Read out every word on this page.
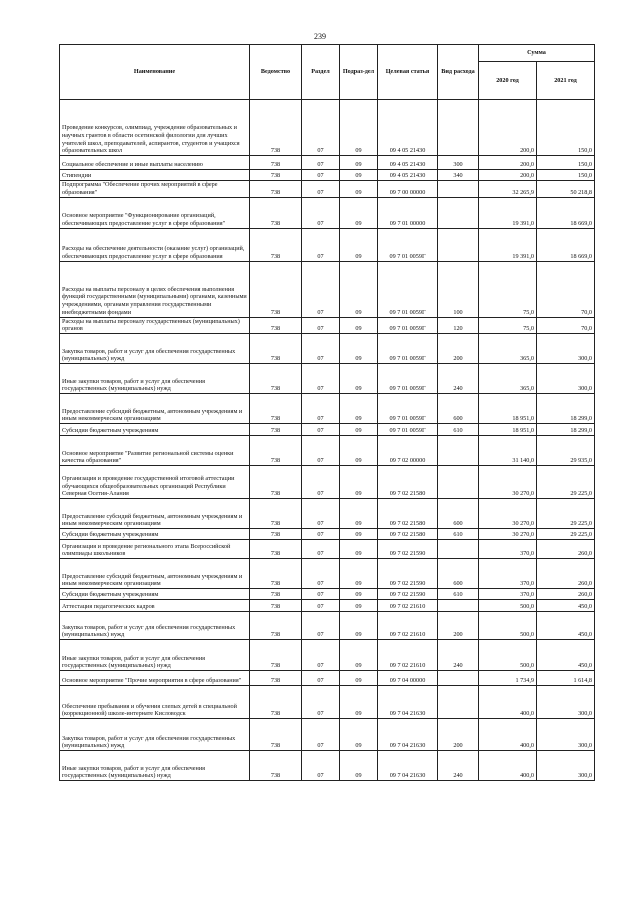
239
Наименование	Ведомство	Раздел	Подраз-дел	Целевая статья	Вид расхода	Сумма	
						2020 год	2021 год
Проведение конкурсов, олимпиад, учреждение образовательных и научных грантов в области осетинской филологии для лучших учителей школ, преподавателей, аспирантов, студентов и учащихся образовательных школ	738	07	09	09 4 05 21430		200,0	150,0
Социальное обеспечение и иные выплаты населению	738	07	09	09 4 05 21430	300	200,0	150,0
Стипендии	738	07	09	09 4 05 21430	340	200,0	150,0
Подпрограмма "Обеспечение прочих мероприятий в сфере образования"	738	07	09	09 7 00 00000		32 265,9	50 218,8
Основное мероприятие "Функционирование организаций, обеспечивающих предоставление услуг в сфере образования"	738	07	09	09 7 01 00000		19 391,0	18 669,0
Расходы на обеспечение деятельности (оказание услуг) организаций, обеспечивающих предоставление услуг в сфере образования	738	07	09	09 7 01 0059Г		19 391,0	18 669,0
Расходы на выплаты персоналу в целях обеспечения выполнения функций государственными (муниципальными) органами, казенными учреждениями, органами управления государственными внебюджетными фондами	738	07	09	09 7 01 0059Г	100	75,0	70,0
Расходы на выплаты персоналу государственных (муниципальных) органов	738	07	09	09 7 01 0059Г	120	75,0	70,0
Закупка товаров, работ и услуг для обеспечения государственных (муниципальных) нужд	738	07	09	09 7 01 0059Г	200	365,0	300,0
Иные закупки товаров, работ и услуг для обеспечения государственных (муниципальных) нужд	738	07	09	09 7 01 0059Г	240	365,0	300,0
Предоставление субсидий бюджетным, автономным учреждениям и иным некоммерческим организациям	738	07	09	09 7 01 0059Г	600	18 951,0	18 299,0
Субсидии бюджетным учреждениям	738	07	09	09 7 01 0059Г	610	18 951,0	18 299,0
Основное мероприятие "Развитие региональной системы оценки качества образования"	738	07	09	09 7 02 00000		31 140,0	29 935,0
Организация и проведение государственной итоговой аттестации обучающихся общеобразовательных организаций Республики Северная Осетия-Алания	738	07	09	09 7 02 21580		30 270,0	29 225,0
Предоставление субсидий бюджетным, автономным учреждениям и иным некоммерческим организациям	738	07	09	09 7 02 21580	600	30 270,0	29 225,0
Субсидии бюджетным учреждениям	738	07	09	09 7 02 21580	610	30 270,0	29 225,0
Организация и проведение регионального этапа Всероссийской олимпиады школьников	738	07	09	09 7 02 21590		370,0	260,0
Предоставление субсидий бюджетным, автономным учреждениям и иным некоммерческим организациям	738	07	09	09 7 02 21590	600	370,0	260,0
Субсидии бюджетным учреждениям	738	07	09	09 7 02 21590	610	370,0	260,0
Аттестация педагогических кадров	738	07	09	09 7 02 21610		500,0	450,0
Закупка товаров, работ и услуг для обеспечения государственных (муниципальных) нужд	738	07	09	09 7 02 21610	200	500,0	450,0
Иные закупки товаров, работ и услуг для обеспечения государственных (муниципальных) нужд	738	07	09	09 7 02 21610	240	500,0	450,0
Основное мероприятие "Прочие мероприятия в сфере образования"	738	07	09	09 7 04 00000		1 734,9	1 614,8
Обеспечение пребывания и обучения слепых детей в специальной (коррекционной) школе-интернате Кисловодск	738	07	09	09 7 04 21630		400,0	300,0
Закупка товаров, работ и услуг для обеспечения государственных (муниципальных) нужд	738	07	09	09 7 04 21630	200	400,0	300,0
Иные закупки товаров, работ и услуг для обеспечения государственных (муниципальных) нужд	738	07	09	09 7 04 21630	240	400,0	300,0
